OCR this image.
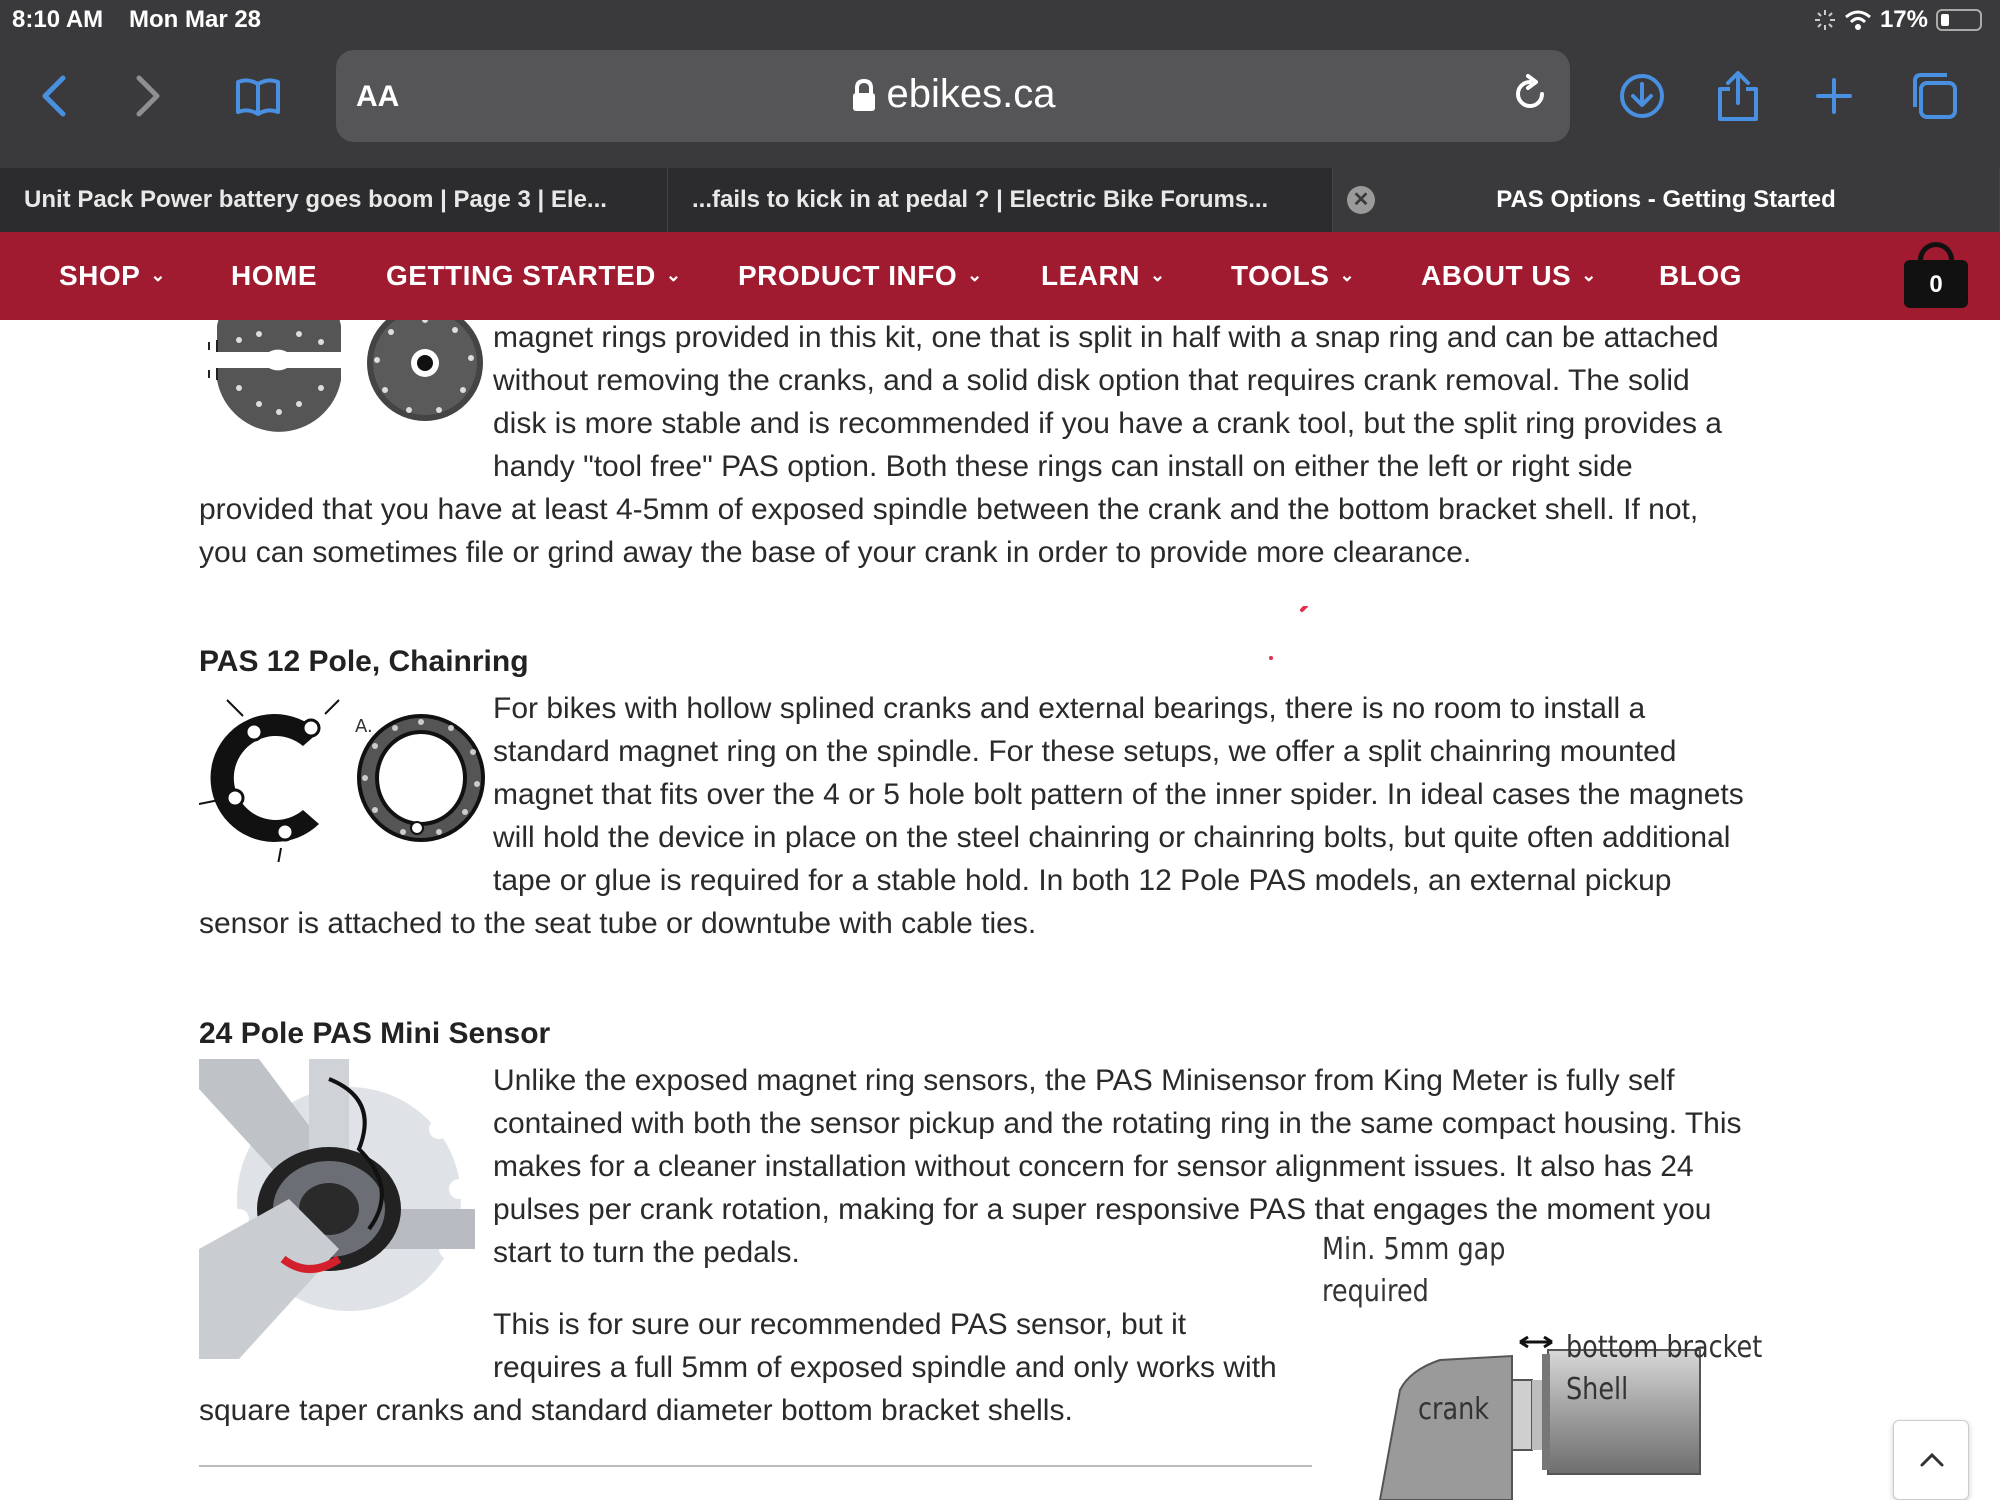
8:10 AM Mon Mar 28	17%
AA	ebikes.ca
Unit Pack Power battery goes boom | Page 3 | Ele...	...fails to kick in at pedal ? | Electric Bike Forums...	✕	PAS Options - Getting Started
SHOP ⌄ HOME GETTING STARTED ⌄ PRODUCT INFO ⌄ LEARN ⌄ TOOLS ⌄ ABOUT US ⌄ BLOG	0
magnet rings provided in this kit, one that is split in half with a snap ring and can be attached
without removing the cranks, and a solid disk option that requires crank removal. The solid
disk is more stable and is recommended if you have a crank tool, but the split ring provides a
handy "tool free" PAS option. Both these rings can install on either the left or right side
provided that you have at least 4-5mm of exposed spindle between the crank and the bottom bracket shell. If not,
you can sometimes file or grind away the base of your crank in order to provide more clearance.
PAS 12 Pole, Chainring
A.
For bikes with hollow splined cranks and external bearings, there is no room to install a
standard magnet ring on the spindle. For these setups, we offer a split chainring mounted
magnet that fits over the 4 or 5 hole bolt pattern of the inner spider. In ideal cases the magnets
will hold the device in place on the steel chainring or chainring bolts, but quite often additional
tape or glue is required for a stable hold. In both 12 Pole PAS models, an external pickup
sensor is attached to the seat tube or downtube with cable ties.
24 Pole PAS Mini Sensor
Unlike the exposed magnet ring sensors, the PAS Minisensor from King Meter is fully self
contained with both the sensor pickup and the rotating ring in the same compact housing. This
makes for a cleaner installation without concern for sensor alignment issues. It also has 24
pulses per crank rotation, making for a super responsive PAS that engages the moment you
start to turn the pedals.
This is for sure our recommended PAS sensor, but it
requires a full 5mm of exposed spindle and only works with
square taper cranks and standard diameter bottom bracket shells.
Min. 5mm gap
required
crank
bottom bracket
Shell
